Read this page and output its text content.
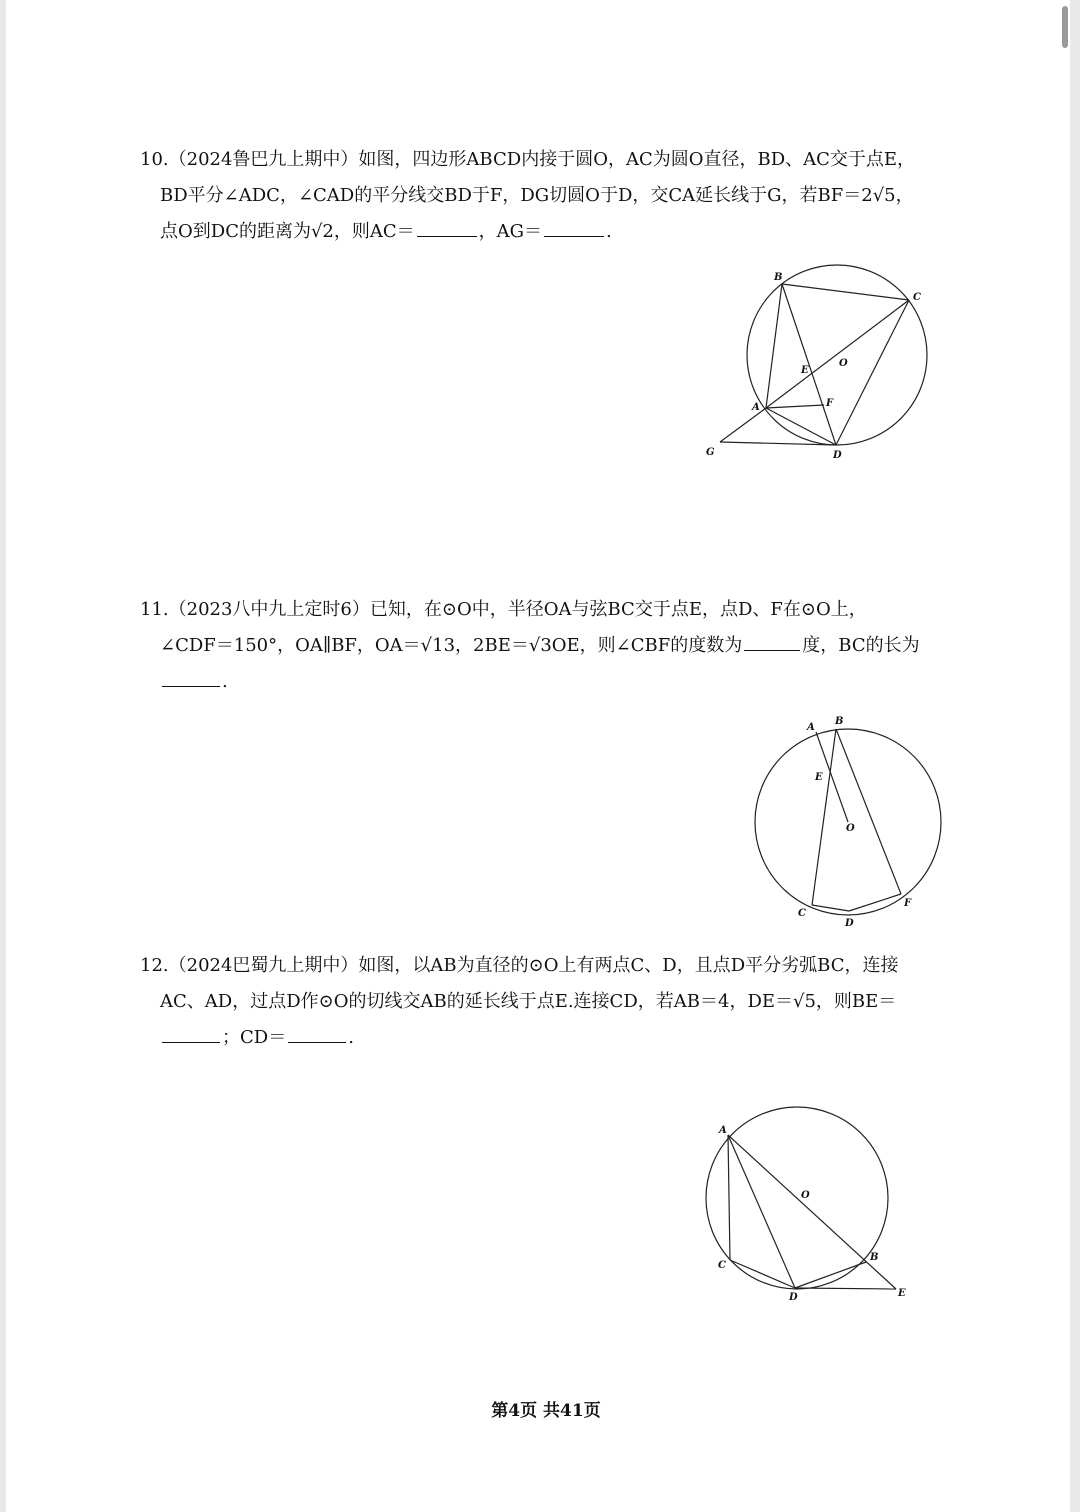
10.（2024鲁巴九上期中）如图，四边形ABCD内接于圆O，AC为圆O直径，BD、AC交于点E，
BD平分∠ADC，∠CAD的平分线交BD于F，DG切圆O于D，交CA延长线于G，若BF＝2√5，
点O到DC的距离为√2，则AC＝	，AG＝	.
B
C
O
E
A	F
G	D
11.（2023八中九上定时6）已知，在⊙O中，半径OA与弦BC交于点E，点D、F在⊙O上，
∠CDF＝150°，OA∥BF，OA＝√13，2BE＝√3OE，则∠CBF的度数为	度，BC的长为
.
A
B
E
O
C
D
F
12.（2024巴蜀九上期中）如图，以AB为直径的⊙O上有两点C、D，且点D平分劣弧BC，连接
AC、AD，过点D作⊙O的切线交AB的延长线于点E.连接CD，若AB＝4，DE＝√5，则BE＝
；CD＝	.
A
O
B
C
D	E
第4页 共41页
